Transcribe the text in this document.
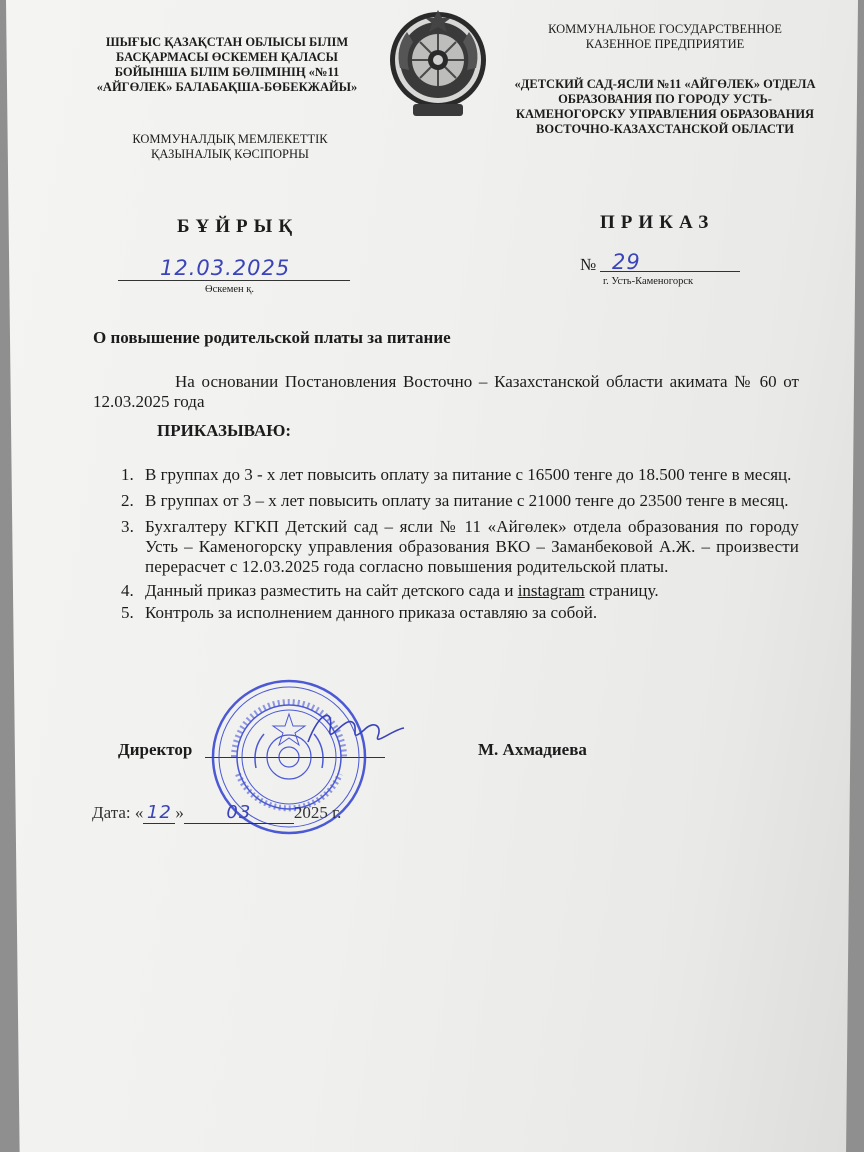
ШЫҒЫС ҚАЗАҚСТАН ОБЛЫСЫ БІЛІМ БАСҚАРМАСЫ ӨСКЕМЕН ҚАЛАСЫ БОЙЫНША БІЛІМ БӨЛІМІНІҢ «№11 «АЙГӨЛЕК» БАЛАБАҚША-БӨБЕКЖАЙЫ»
КОММУНАЛДЫҚ МЕМЛЕКЕТТІК ҚАЗЫНАЛЫҚ КӘСІПОРНЫ
КОММУНАЛЬНОЕ ГОСУДАРСТВЕННОЕ КАЗЕННОЕ ПРЕДПРИЯТИЕ
«ДЕТСКИЙ САД-ЯСЛИ №11 «АЙГӨЛЕК» ОТДЕЛА ОБРАЗОВАНИЯ ПО ГОРОДУ УСТЬ-КАМЕНОГОРСКУ УПРАВЛЕНИЯ ОБРАЗОВАНИЯ ВОСТОЧНО-КАЗАХСТАНСКОЙ ОБЛАСТИ
БҰЙРЫҚ	ПРИКАЗ
12.03.2025
Өскемен қ.
№ 29
г. Усть-Каменогорск
О повышение родительской платы за питание
На основании Постановления Восточно – Казахстанской области акимата № 60 от 12.03.2025 года
ПРИКАЗЫВАЮ:
1. В группах до 3 - х лет повысить оплату за питание с 16500 тенге до 18.500 тенге в месяц.
2. В группах от 3 – х лет повысить оплату за питание с 21000 тенге до 23500 тенге в месяц.
3. Бухгалтеру КГКП Детский сад – ясли № 11 «Айгөлек» отдела образования по городу Усть – Каменогорску управления образования ВКО – Заманбековой А.Ж. – произвести перерасчет с 12.03.2025 года согласно повышения родительской платы.
4. Данный приказ разместить на сайт детского сада и instagram страницу.
5. Контроль за исполнением данного приказа оставляю за собой.
Директор	М. Ахмадиева
Дата: « 12 » 03	2025 г.
